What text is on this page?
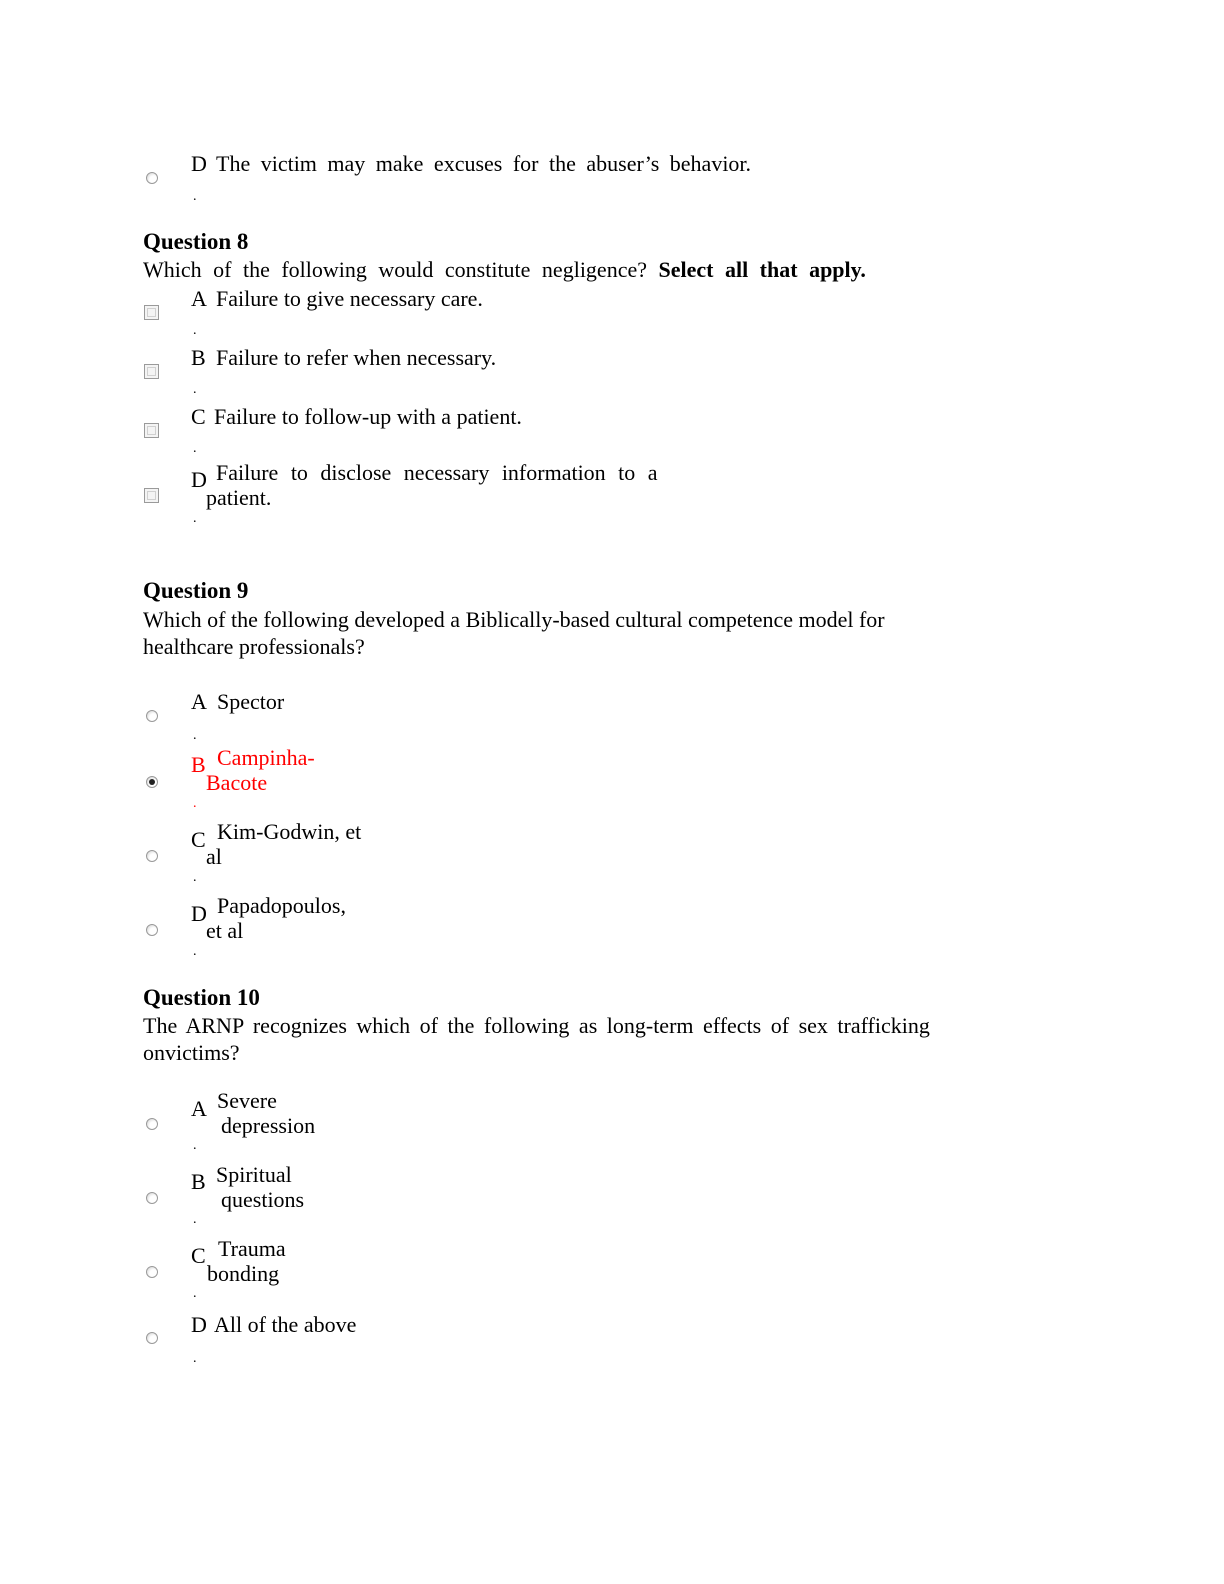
D The victim may make excuses for the abuser’s behavior.
.
Question 8
Which of the following would constitute negligence? Select all that apply.
A Failure to give necessary care.
.
B Failure to refer when necessary.
.
C Failure to follow-up with a patient.
.
D Failure to disclose necessary information to a
patient.
.
Question 9
Which of the following developed a Biblically-based cultural competence model for
healthcare professionals?
A Spector
.
B Campinha-
Bacote
.
C Kim-Godwin, et
al
.
D Papadopoulos,
et al
.
Question 10
The ARNP recognizes which of the following as long-term effects of sex trafficking
onvictims?
A Severe
depression
.
B Spiritual
questions
.
C Trauma
bonding
.
D All of the above
.
